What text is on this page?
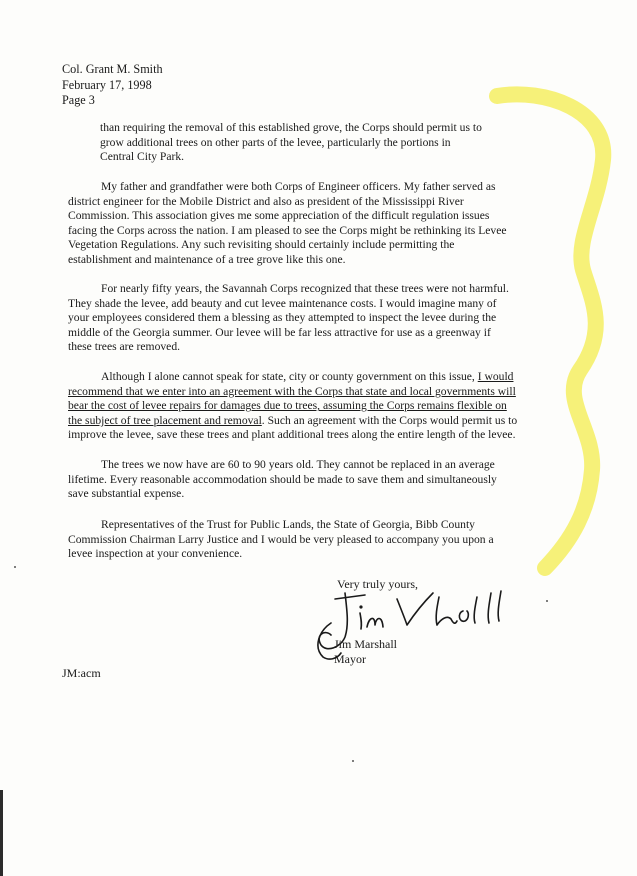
Col. Grant M. Smith
February 17, 1998
Page 3

than requiring the removal of this established grove, the Corps should permit us to
grow additional trees on other parts of the levee, particularly the portions in
Central City Park.

My father and grandfather were both Corps of Engineer officers. My father served as
district engineer for the Mobile District and also as president of the Mississippi River
Commission. This association gives me some appreciation of the difficult regulation issues
facing the Corps across the nation. I am pleased to see the Corps might be rethinking its Levee
Vegetation Regulations. Any such revisiting should certainly include permitting the
establishment and maintenance of a tree grove like this one.
For nearly fifty years, the Savannah Corps recognized that these trees were not harmful.
They shade the levee, add beauty and cut levee maintenance costs. I would imagine many of
your employees considered them a blessing as they attempted to inspect the levee during the
middle of the Georgia summer. Our levee will be far less attractive for use as a greenway if
these trees are removed.
Although I alone cannot speak for state, city or county government on this issue, I would
recommend that we enter into an agreement with the Corps that state and local governments will
bear the cost of levee repairs for damages due to trees, assuming the Corps remains flexible on
the subject of tree placement and removal. Such an agreement with the Corps would permit us to
improve the levee, save these trees and plant additional trees along the entire length of the levee.
The trees we now have are 60 to 90 years old. They cannot be replaced in an average
lifetime. Every reasonable accommodation should be made to save them and simultaneously
save substantial expense.
Representatives of the Trust for Public Lands, the State of Georgia, Bibb County
Commission Chairman Larry Justice and I would be very pleased to accompany you upon a
levee inspection at your convenience.
Very truly yours,
Jim Marshall
Mayor
JM:acm
